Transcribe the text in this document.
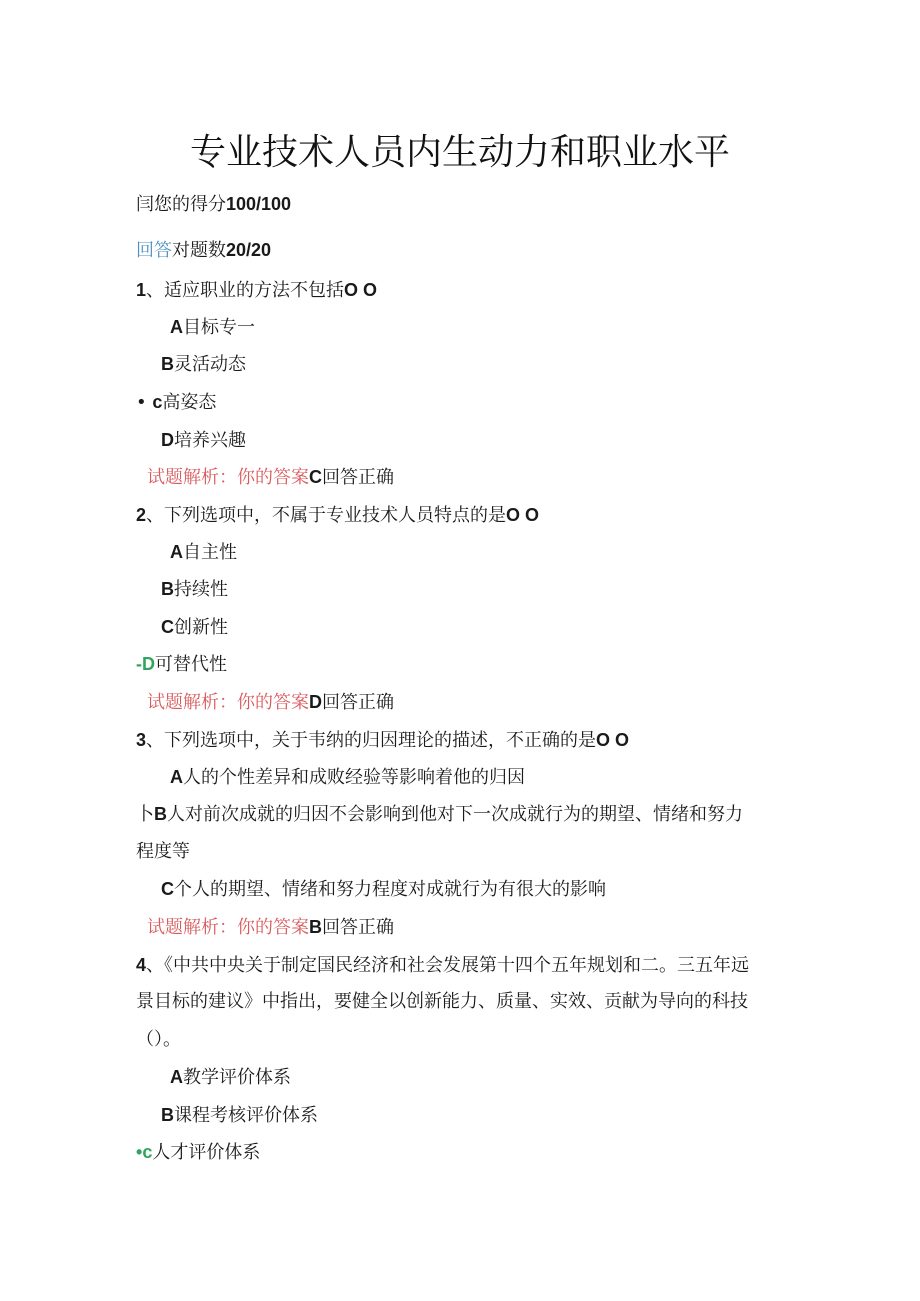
专业技术人员内生动力和职业水平
闫您的得分100/100
回答对题数20/20
1、适应职业的方法不包括O O
A目标专一
B灵活动态
• c高姿态
D培养兴趣
试题解析：你的答案C回答正确
2、下列选项中，不属于专业技术人员特点的是O O
A自主性
B持续性
C创新性
-D可替代性
试题解析：你的答案D回答正确
3、下列选项中，关于韦纳的归因理论的描述，不正确的是O O
A人的个性差异和成败经验等影响着他的归因
卜B人对前次成就的归因不会影响到他对下一次成就行为的期望、情绪和努力
程度等
C个人的期望、情绪和努力程度对成就行为有很大的影响
试题解析：你的答案B回答正确
4、《中共中央关于制定国民经济和社会发展第十四个五年规划和二。三五年远
景目标的建议》中指出，要健全以创新能力、质量、实效、贡献为导向的科技
（）。
A教学评价体系
B课程考核评价体系
•c人才评价体系
